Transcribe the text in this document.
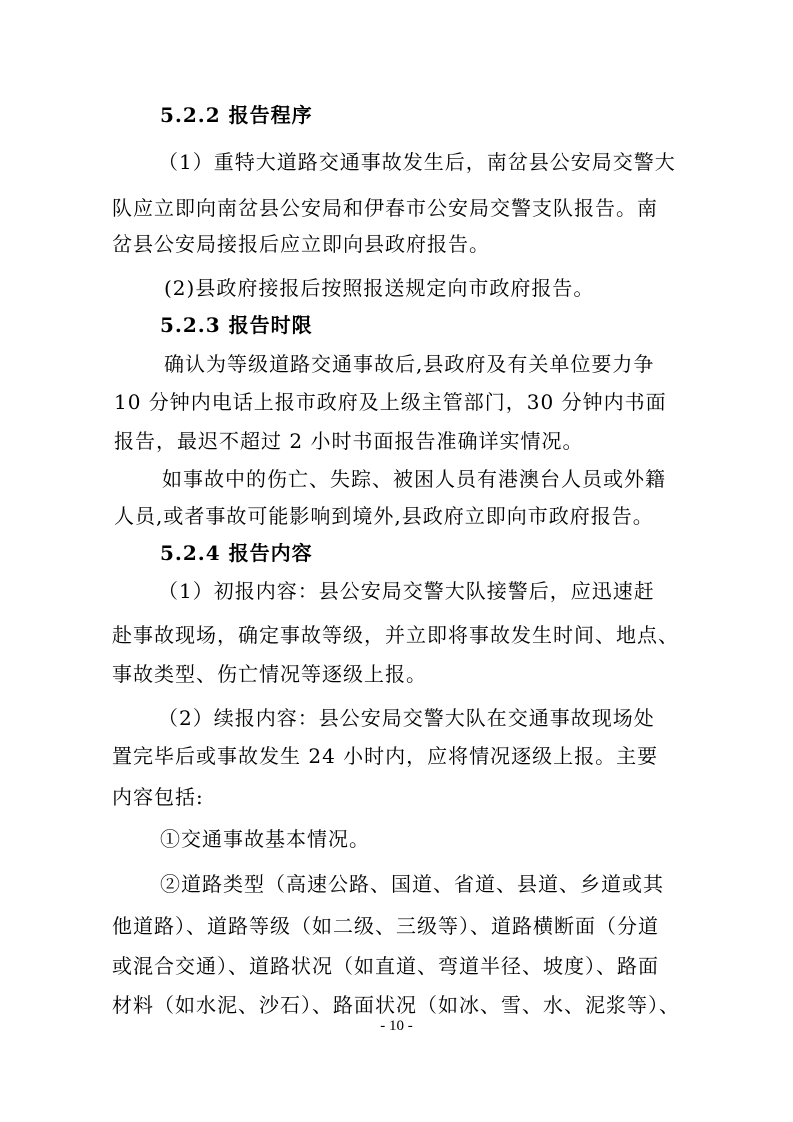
5.2.2 报告程序
（1）重特大道路交通事故发生后，南岔县公安局交警大
队应立即向南岔县公安局和伊春市公安局交警支队报告。南
岔县公安局接报后应立即向县政府报告。
(2)县政府接报后按照报送规定向市政府报告。
5.2.3 报告时限
确认为等级道路交通事故后,县政府及有关单位要力争
10 分钟内电话上报市政府及上级主管部门，30 分钟内书面
报告，最迟不超过 2 小时书面报告准确详实情况。
如事故中的伤亡、失踪、被困人员有港澳台人员或外籍
人员,或者事故可能影响到境外,县政府立即向市政府报告。
5.2.4 报告内容
（1）初报内容：县公安局交警大队接警后，应迅速赶
赴事故现场，确定事故等级，并立即将事故发生时间、地点、
事故类型、伤亡情况等逐级上报。
（2）续报内容：县公安局交警大队在交通事故现场处
置完毕后或事故发生 24 小时内，应将情况逐级上报。主要
内容包括:
①交通事故基本情况。
②道路类型（高速公路、国道、省道、县道、乡道或其
他道路）、道路等级（如二级、三级等）、道路横断面（分道
或混合交通）、道路状况（如直道、弯道半径、坡度）、路面
材料（如水泥、沙石）、路面状况（如冰、雪、水、泥浆等）、
- 10 -
